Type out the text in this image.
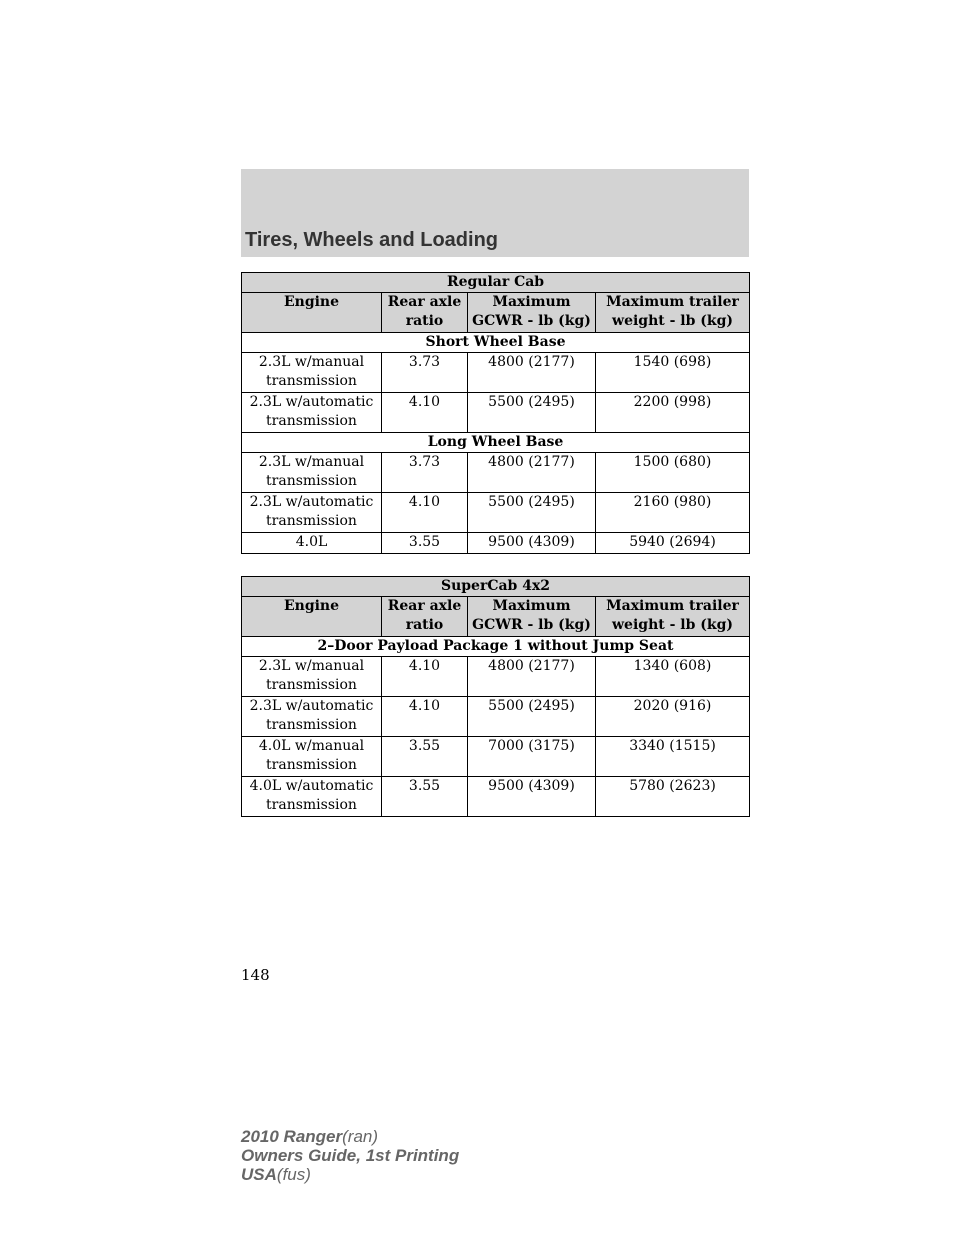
Tires, Wheels and Loading
Regular Cab			
Engine	Rear axle ratio	Maximum GCWR - lb (kg)	Maximum trailer weight - lb (kg)
Short Wheel Base			
2.3L w/manual transmission	3.73	4800 (2177)	1540 (698)
2.3L w/automatic transmission	4.10	5500 (2495)	2200 (998)
Long Wheel Base			
2.3L w/manual transmission	3.73	4800 (2177)	1500 (680)
2.3L w/automatic transmission	4.10	5500 (2495)	2160 (980)
4.0L	3.55	9500 (4309)	5940 (2694)
SuperCab 4x2			
Engine	Rear axle ratio	Maximum GCWR - lb (kg)	Maximum trailer weight - lb (kg)
2–Door Payload Package 1 without Jump Seat			
2.3L w/manual transmission	4.10	4800 (2177)	1340 (608)
2.3L w/automatic transmission	4.10	5500 (2495)	2020 (916)
4.0L w/manual transmission	3.55	7000 (3175)	3340 (1515)
4.0L w/automatic transmission	3.55	9500 (4309)	5780 (2623)
148
2010 Ranger(ran)
Owners Guide, 1st Printing
USA(fus)
